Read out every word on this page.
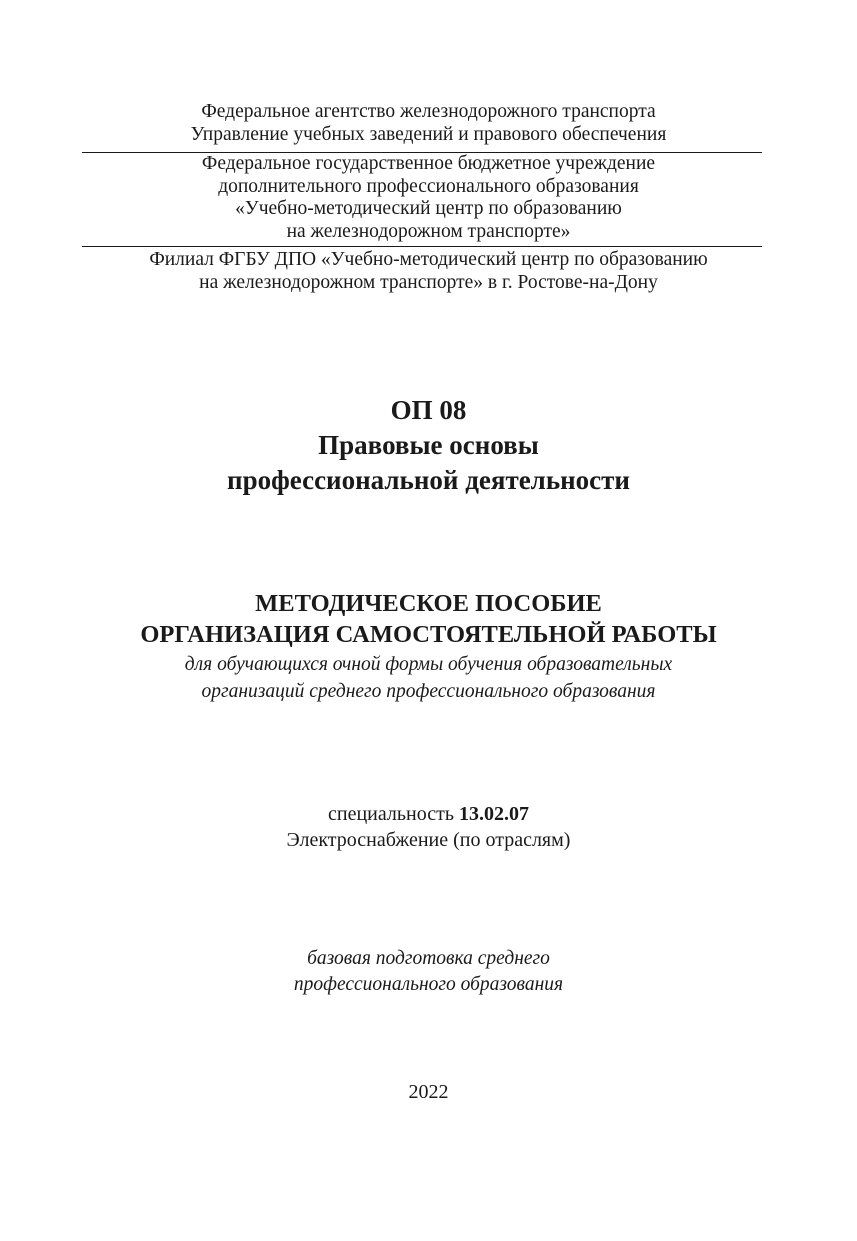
Федеральное агентство железнодорожного транспорта
Управление учебных заведений и правового обеспечения
Федеральное государственное бюджетное учреждение
дополнительного профессионального образования
«Учебно-методический центр по образованию
на железнодорожном транспорте»
Филиал ФГБУ ДПО «Учебно-методический центр по образованию
на железнодорожном транспорте» в г. Ростове-на-Дону
ОП 08
Правовые основы
профессиональной деятельности
МЕТОДИЧЕСКОЕ ПОСОБИЕ
ОРГАНИЗАЦИЯ САМОСТОЯТЕЛЬНОЙ РАБОТЫ
для обучающихся очной формы обучения образовательных
организаций среднего профессионального образования
специальность 13.02.07
Электроснабжение (по отраслям)
базовая подготовка среднего
профессионального образования
2022
